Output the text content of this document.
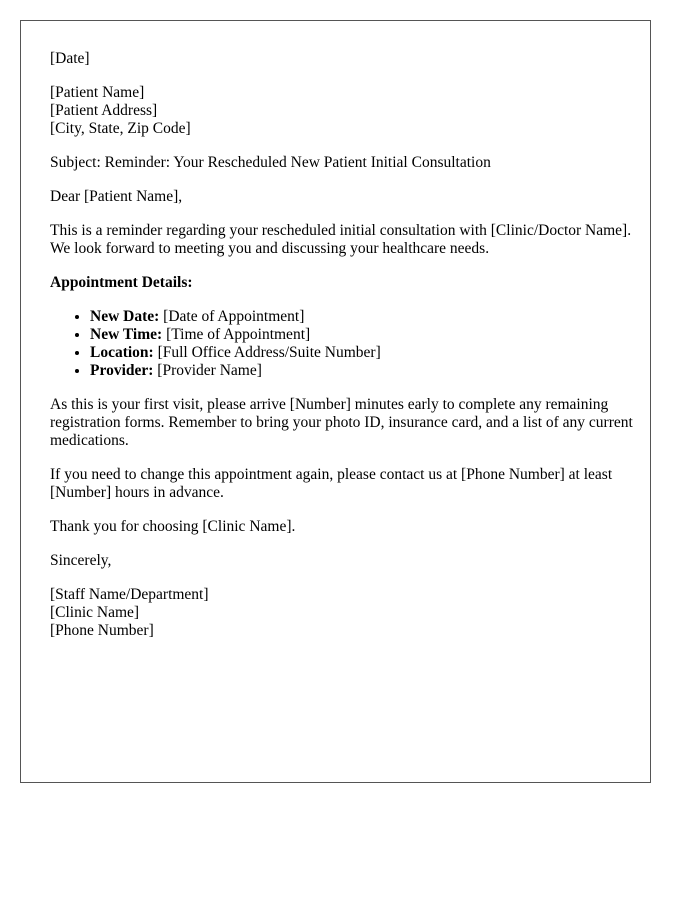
[Date]
[Patient Name]
[Patient Address]
[City, State, Zip Code]

Subject: Reminder: Your Rescheduled New Patient Initial Consultation

Dear [Patient Name],

This is a reminder regarding your rescheduled initial consultation with [Clinic/Doctor Name]. We look forward to meeting you and discussing your healthcare needs.

Appointment Details:

• New Date: [Date of Appointment]
• New Time: [Time of Appointment]
• Location: [Full Office Address/Suite Number]
• Provider: [Provider Name]

As this is your first visit, please arrive [Number] minutes early to complete any remaining registration forms. Remember to bring your photo ID, insurance card, and a list of any current medications.

If you need to change this appointment again, please contact us at [Phone Number] at least [Number] hours in advance.

Thank you for choosing [Clinic Name].

Sincerely,

[Staff Name/Department]
[Clinic Name]
[Phone Number]
